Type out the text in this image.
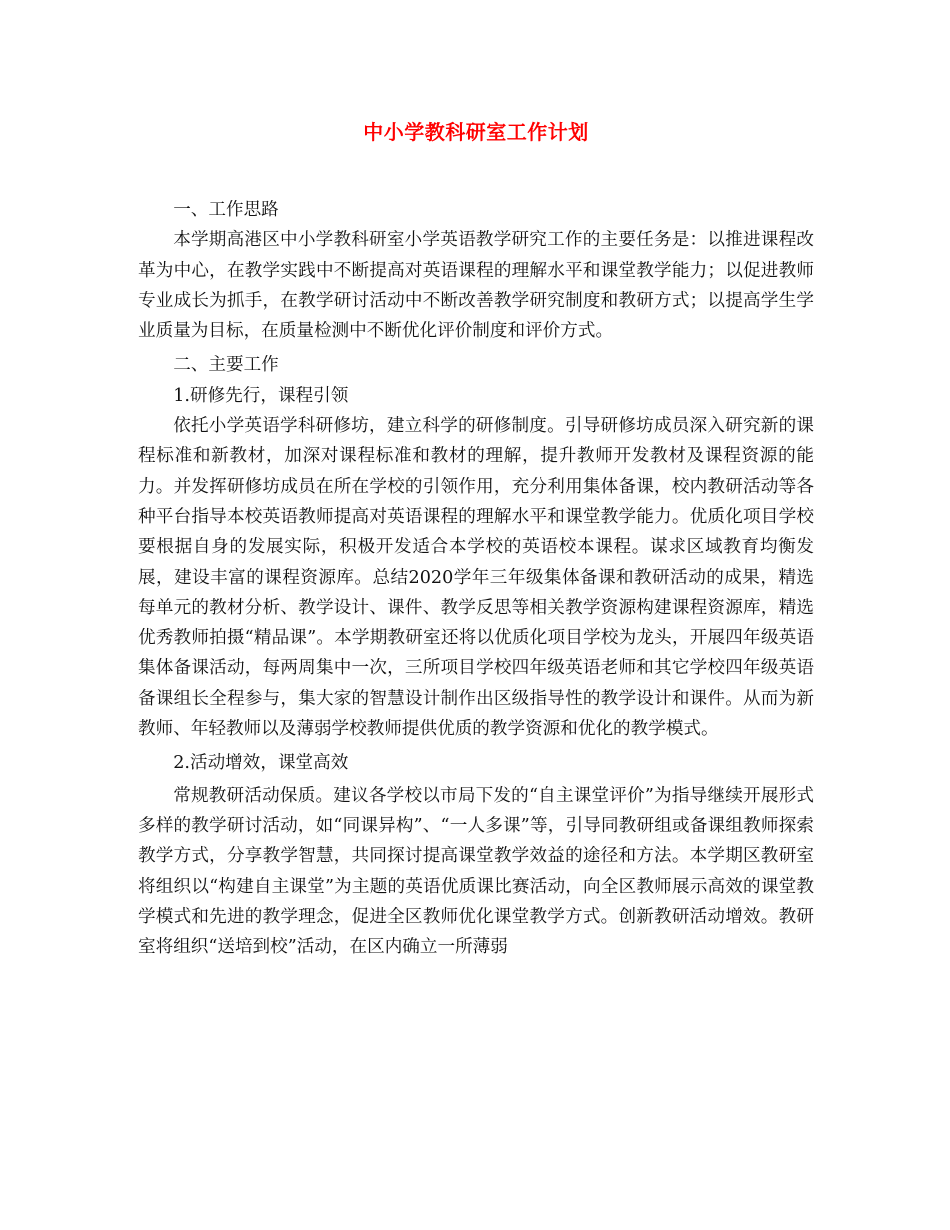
中小学教科研室工作计划

一、工作思路

本学期高港区中小学教科研室小学英语教学研究工作的主要任务是：以推进课程改革为中心，在教学实践中不断提高对英语课程的理解水平和课堂教学能力；以促进教师专业成长为抓手，在教学研讨活动中不断改善教学研究制度和教研方式；以提高学生学业质量为目标，在质量检测中不断优化评价制度和评价方式。

二、主要工作

1.研修先行，课程引领

依托小学英语学科研修坊，建立科学的研修制度。引导研修坊成员深入研究新的课程标准和新教材，加深对课程标准和教材的理解，提升教师开发教材及课程资源的能力。并发挥研修坊成员在所在学校的引领作用，充分利用集体备课，校内教研活动等各种平台指导本校英语教师提高对英语课程的理解水平和课堂教学能力。优质化项目学校要根据自身的发展实际，积极开发适合本学校的英语校本课程。谋求区域教育均衡发展，建设丰富的课程资源库。总结2020学年三年级集体备课和教研活动的成果，精选每单元的教材分析、教学设计、课件、教学反思等相关教学资源构建课程资源库，精选优秀教师拍摄“精品课”。本学期教研室还将以优质化项目学校为龙头，开展四年级英语集体备课活动，每两周集中一次，三所项目学校四年级英语老师和其它学校四年级英语备课组长全程参与，集大家的智慧设计制作出区级指导性的教学设计和课件。从而为新教师、年轻教师以及薄弱学校教师提供优质的教学资源和优化的教学模式。

2.活动增效，课堂高效

常规教研活动保质。建议各学校以市局下发的“自主课堂评价”为指导继续开展形式多样的教学研讨活动，如“同课异构”、“一人多课”等，引导同教研组或备课组教师探索教学方式，分享教学智慧，共同探讨提高课堂教学效益的途径和方法。本学期区教研室将组织以“构建自主课堂”为主题的英语优质课比赛活动，向全区教师展示高效的课堂教学模式和先进的教学理念，促进全区教师优化课堂教学方式。创新教研活动增效。教研室将组织“送培到校”活动，在区内确立一所薄弱
